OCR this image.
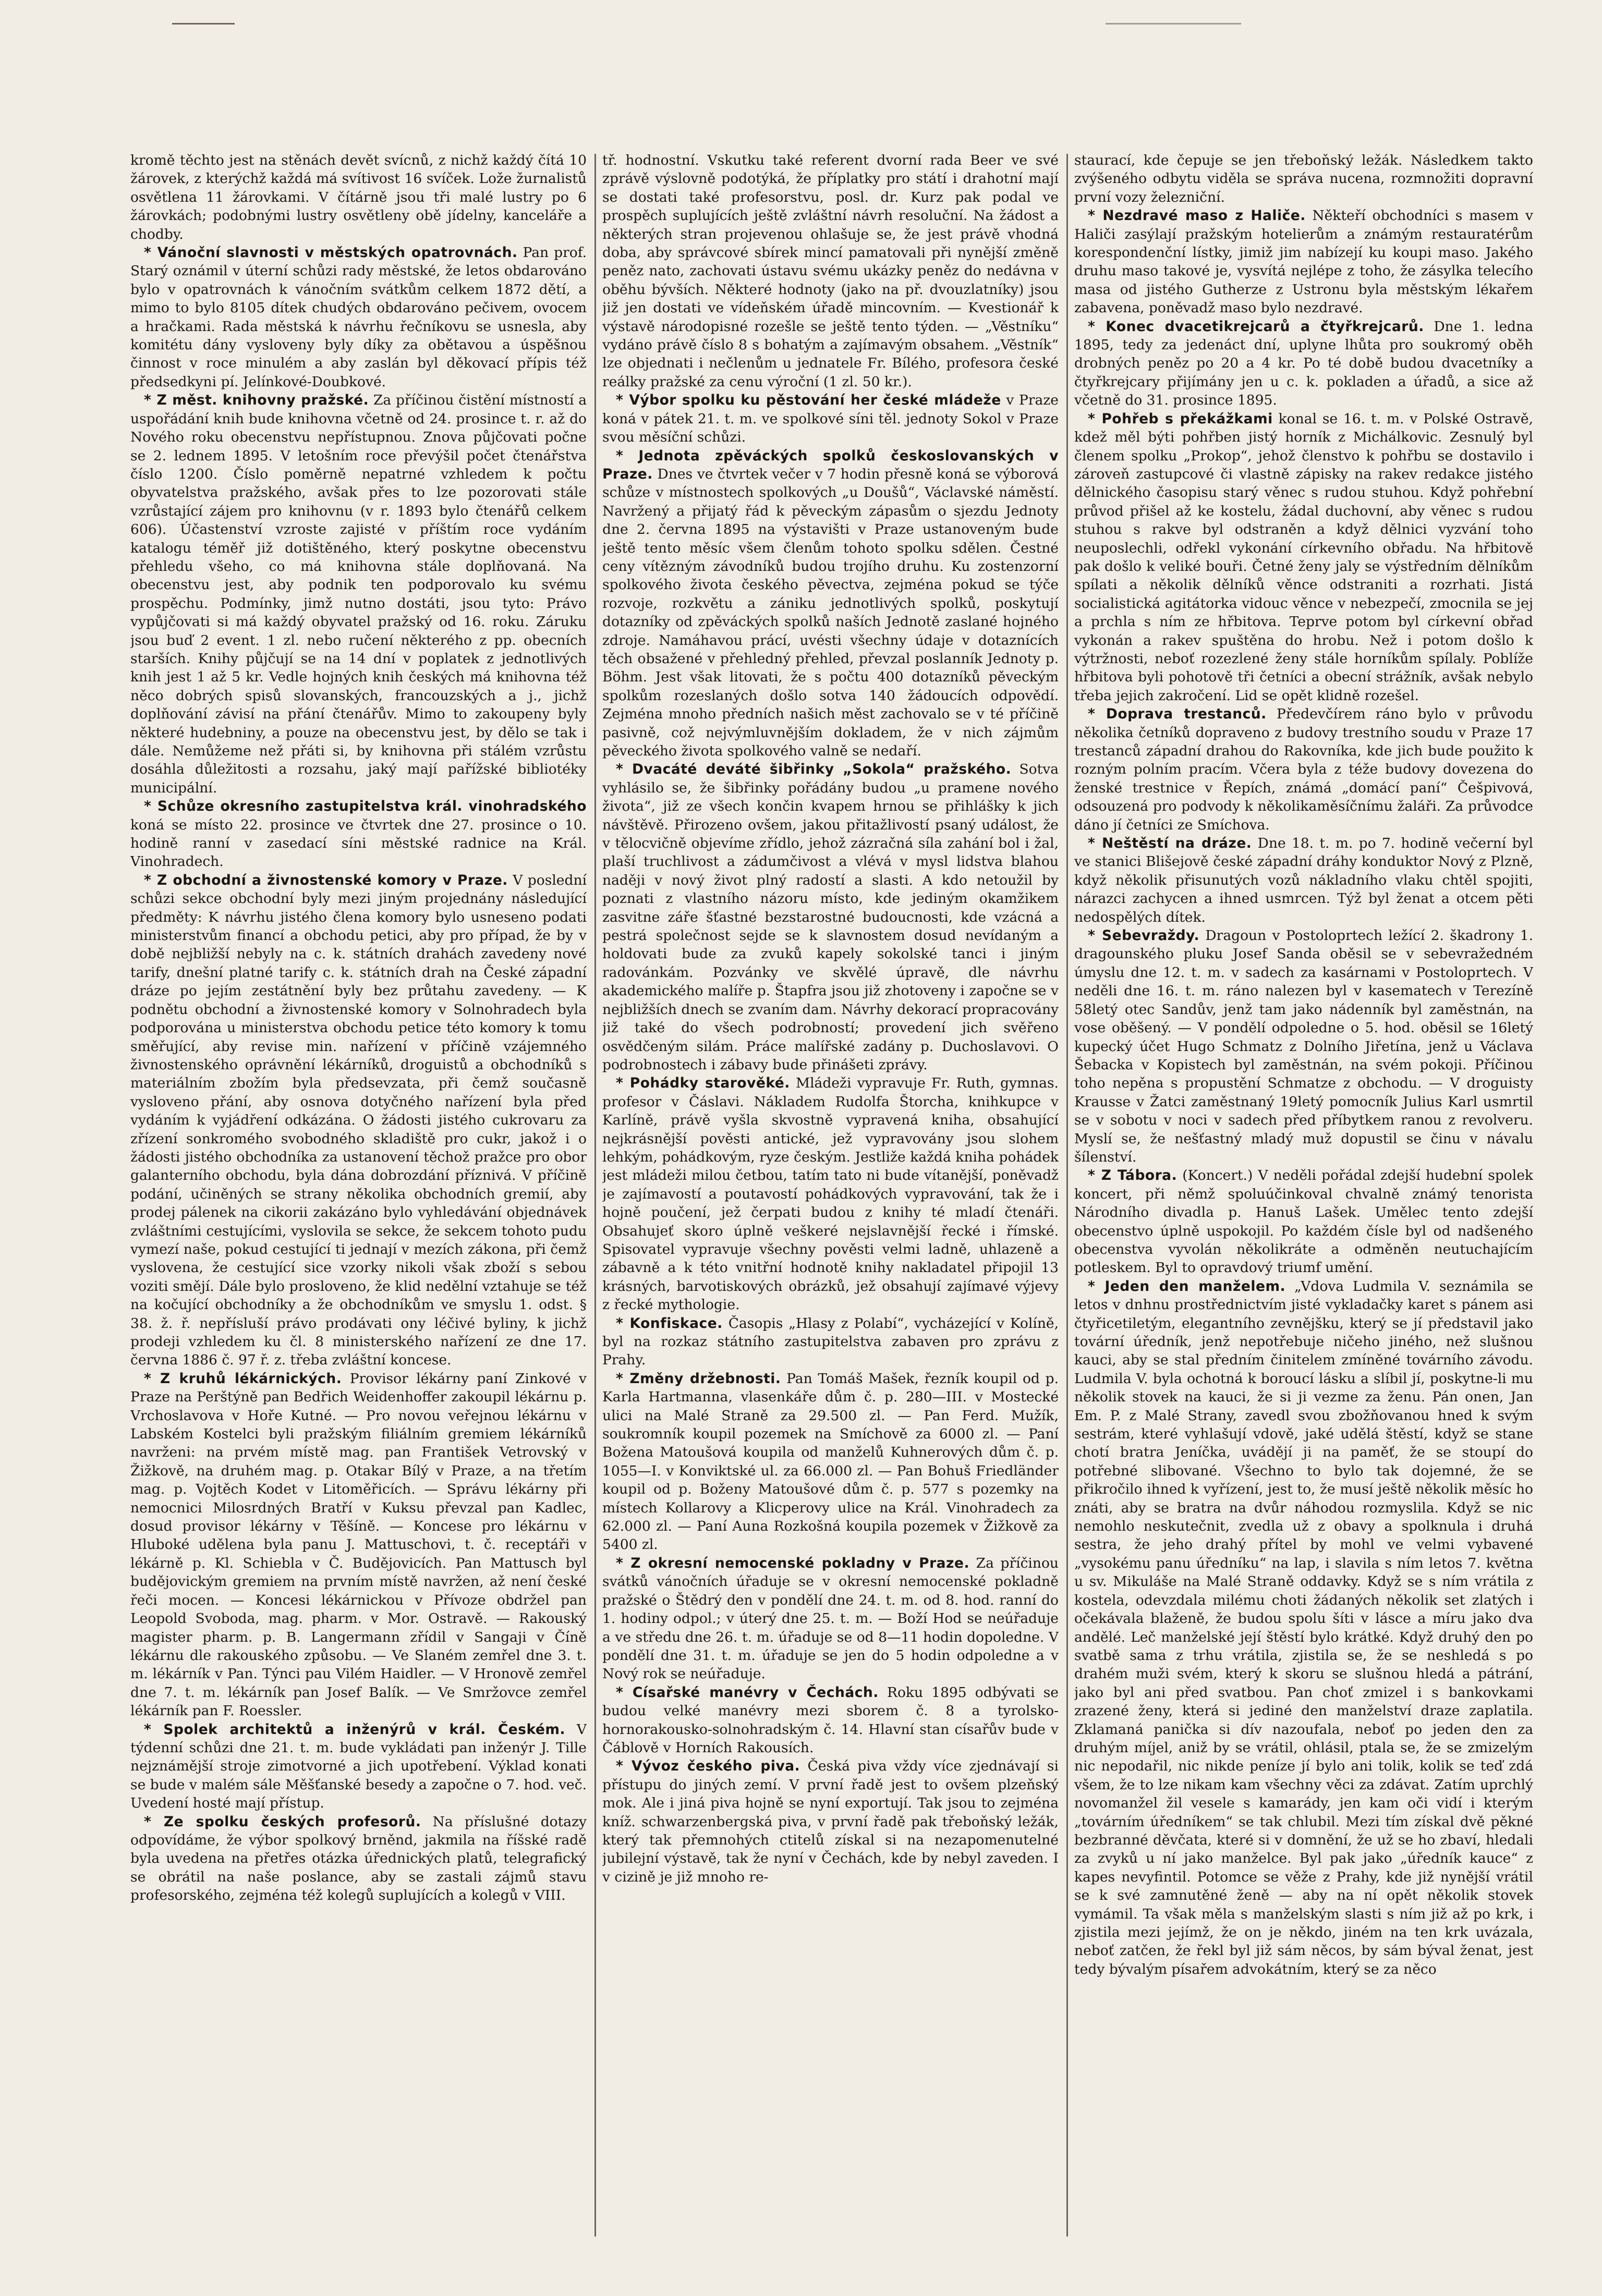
kromě těchto jest na stěnách devět svícnů, z nichž každý čítá 10 žárovek, z kterýchž každá má svítivost 16 svíček. Lože žurnalistů osvětlena 11 žárovkami. V čítárně jsou tři malé lustry po 6 žárovkách; podobnými lustry osvětleny obě jídelny, kanceláře a chodby.

* Vánoční slavnosti v městských opatrovnách. Pan prof. Starý oznámil v úterní schůzi rady městské, že letos obdarováno bylo v opatrovnách k vánočním svátkům celkem 1872 dětí, a mimo to bylo 8105 dítek chudých obdarováno pečivem, ovocem a hračkami. Rada městská k návrhu řečníkovu se usnesla, aby komitétu dány vysloveny byly díky za obětavou a úspěšnou činnost v roce minulém a aby zaslán byl děkovací přípis též předsedkyni pí. Jelínkové-Doubkové.

* Z měst. knihovny pražské. Za příčinou čistění místností a uspořádání knih bude knihovna včetně od 24. prosince t. r. až do Nového roku obecenstvu nepřístupnou. Znova půjčovati počne se 2. lednem 1895. V letošním roce převýšil počet čtenářstva číslo 1200. Číslo poměrně nepatrné vzhledem k počtu obyvatelstva pražského, avšak přes to lze pozorovati stále vzrůstající zájem pro knihovnu (v r. 1893 bylo čtenářů celkem 606). Účastenství vzroste zajisté v příštím roce vydáním katalogu téměř již dotištěného, který poskytne obecenstvu přehledu všeho, co má knihovna stále doplňovaná. Na obecenstvu jest, aby podnik ten podporovalo ku svému prospěchu. Podmínky, jimž nutno dostáti, jsou tyto: Právo vypůjčovati si má každý obyvatel pražský od 16. roku. Záruku jsou buď 2 event. 1 zl. nebo ručení některého z pp. obecních starších. Knihy půjčují se na 14 dní v poplatek z jednotlivých knih jest 1 až 5 kr. Vedle hojných knih českých má knihovna též něco dobrých spisů slovanských, francouzských a j., jichž doplňování závisí na přání čtenářův. Mimo to zakoupeny byly některé hudebniny, a pouze na obecenstvu jest, by dělo se tak i dále. Nemůžeme než přáti si, by knihovna při stálém vzrůstu dosáhla důležitosti a rozsahu, jaký mají pařížské bibliotéky municipální.

* Schůze okresního zastupitelstva král. vinohradského koná se místo 22. prosince ve čtvrtek dne 27. prosince o 10. hodině ranní v zasedací síni městské radnice na Král. Vinohradech.

* Z obchodní a živnostenské komory v Praze. V poslední schůzi sekce obchodní byly mezi jiným projednány následující předměty: K návrhu jistého člena komory bylo usneseno podati ministerstvům financí a obchodu petici, aby pro případ, že by v době nejbližší nebyly na c. k. státních drahách zavedeny nové tarify, dnešní platné tarify c. k. státních drah na České západní dráze po jejím zestátnění byly bez průtahu zavedeny. — K podnětu obchodní a živnostenské komory v Solnohradech byla podporována u ministerstva obchodu petice této komory k tomu směřující, aby revise min. nařízení v příčině vzájemného živnostenského oprávnění lékárníků, droguistů a obchodníků s materiálním zbožím byla předsevzata, při čemž současně vysloveno přání, aby osnova dotyčného nařízení byla před vydáním k vyjádření odkázána. O žádosti jistého cukrovaru za zřízení sonkromého svobodného skladiště pro cukr, jakož i o žádosti jistého obchodníka za ustanovení těchož pražce pro obor galanterního obchodu, byla dána dobrozdání příznivá. V příčině podání, učiněných se strany několika obchodních gremií, aby prodej pálenek na cikorii zakázáno bylo vyhledávání objednávek zvláštními cestujícími, vyslovila se sekce, že sekcem tohoto pudu vymezí naše, pokud cestující ti jednají v mezích zákona, při čemž vyslovena, že cestující sice vzorky nikoli však zboží s sebou voziti smějí. Dále bylo prosloveno, že klid nedělní vztahuje se též na kočující obchodníky a že obchodníkům ve smyslu 1. odst. § 38. ž. ř. nepřísluší právo prodávati ony léčivé byliny, k jichž prodeji vzhledem ku čl. 8 ministerského nařízení ze dne 17. června 1886 č. 97 ř. z. třeba zvláštní koncese.

* Z kruhů lékárnických. Provisor lékárny paní Zinkové v Praze na Perštýně pan Bedřich Weidenhoffer zakoupil lékárnu p. Vrchoslavova v Hoře Kutné. — Pro novou veřejnou lékárnu v Labském Kostelci byli pražským filiálním gremiem lékárníků navrženi: na prvém místě mag. pan František Vetrovský v Žižkově, na druhém mag. p. Otakar Bílý v Praze, a na třetím mag. p. Vojtěch Kodet v Litoměřicích. — Správu lékárny při nemocnici Milosrdných Bratří v Kuksu převzal pan Kadlec, dosud provisor lékárny v Těšíně. — Koncese pro lékárnu v Hluboké udělena byla panu J. Mattuschovi, t. č. receptáři v lékárně p. Kl. Schiebla v Č. Budějovicích. Pan Mattusch byl budějovickým gremiem na prvním místě navržen, až není české řeči mocen. — Koncesi lékárnickou v Přívoze obdržel pan Leopold Svoboda, mag. pharm. v Mor. Ostravě. — Rakouský magister pharm. p. B. Langermann zřídil v Sangaji v Číně lékárnu dle rakouského způsobu. — Ve Slaném zemřel dne 3. t. m. lékárník v Pan. Týnci pau Vilém Haidler. — V Hronově zemřel dne 7. t. m. lékárník pan Josef Balík. — Ve Smržovce zemřel lékárník pan F. Roessler.

* Spolek architektů a inženýrů v král. Českém. V týdenní schůzi dne 21. t. m. bude vykládati pan inženýr J. Tille nejznámější stroje zimotvorné a jich upotřebení. Výklad konati se bude v malém sále Měšťanské besedy a započne o 7. hod. več. Uvedení hosté mají přístup.

* Ze spolku českých profesorů. Na příslušné dotazy odpovídáme, že výbor spolkový brněnd, jakmila na říšské radě byla uvedena na přetřes otázka úřednických platů, telegrafický se obrátil na naše poslance, aby se zastali zájmů stavu profesorského, zejména též kolegů suplujících a kolegů v VIII.

tř. hodnostní. Vskutku také referent dvorní rada Beer ve své zprávě výslovně podotýká, že příplatky pro státí i drahotní mají se dostati také profesorstvu, posl. dr. Kurz pak podal ve prospěch suplujících ještě zvláštní návrh resoluční. Na žádost a některých stran projevenou ohlašuje se, že jest právě vhodná doba, aby správcové sbírek mincí pamatovali při nynější změně peněz nato, zachovati ústavu svému ukázky peněz do nedávna v oběhu bývších. Některé hodnoty (jako na př. dvouzlatníky) jsou již jen dostati ve vídeňském úřadě mincovním. — Kvestionář k výstavě národopisné rozešle se ještě tento týden. — „Věstníku“ vydáno právě číslo 8 s bohatým a zajímavým obsahem. „Věstník“ lze objednati i nečlenům u jednatele Fr. Bílého, profesora české reálky pražské za cenu výroční (1 zl. 50 kr.).

* Výbor spolku ku pěstování her české mládeže v Praze koná v pátek 21. t. m. ve spolkové síni těl. jednoty Sokol v Praze svou měsíční schůzi.

* Jednota zpěváckých spolků českoslovanských v Praze. Dnes ve čtvrtek večer v 7 hodin přesně koná se výborová schůze v místnostech spolkových „u Doušů“, Václavské náměstí. Navržený a přijatý řád k pěveckým zápasům o sjezdu Jednoty dne 2. června 1895 na výstavišti v Praze ustanoveným bude ještě tento měsíc všem členům tohoto spolku sdělen. Čestné ceny vítězným závodníků budou trojího druhu. Ku zostenzorní spolkového života českého pěvectva, zejména pokud se týče rozvoje, rozkvětu a zániku jednotlivých spolků, poskytují dotazníky od zpěváckých spolků naších Jednotě zaslané hojného zdroje. Namáhavou prácí, uvésti všechny údaje v dotaznících těch obsažené v přehledný přehled, převzal poslanník Jednoty p. Böhm. Jest však litovati, že s počtu 400 dotazníků pěveckým spolkům rozeslaných došlo sotva 140 žádoucích odpovědí. Zejména mnoho předních našich měst zachovalo se v té příčině pasivně, což nejvýmluvnějším dokladem, že v nich zájmům pěveckého života spolkového valně se nedaří.

* Dvacáté deváté šibřinky „Sokola“ pražského. Sotva vyhlásilo se, že šibřinky pořádány budou „u pramene nového života“, již ze všech končin kvapem hrnou se přihlášky k jich návštěvě. Přirozeno ovšem, jakou přitažlivostí psaný událost, že v tělocvičně objevíme zřídlo, jehož zázračná síla zahání bol i žal, plaší truchlivost a zádumčivost a vlévá v mysl lidstva blahou naději v nový život plný radostí a slasti. A kdo netoužil by poznati z vlastního názoru místo, kde jediným okamžikem zasvitne záře šťastné bezstarostné budoucnosti, kde vzácná a pestrá společnost sejde se k slavnostem dosud nevídaným a holdovati bude za zvuků kapely sokolské tanci i jiným radovánkám. Pozvánky ve skvělé úpravě, dle návrhu akademického malíře p. Štapfra jsou již zhotoveny i započne se v nejbližších dnech se zvaním dam. Návrhy dekorací propracovány již také do všech podrobností; provedení jich svěřeno osvědčeným silám. Práce malířské zadány p. Duchoslavovi. O podrobnostech i zábavy bude přinášeti zprávy.

* Pohádky starověké. Mládeži vypravuje Fr. Ruth, gymnas. profesor v Čáslavi. Nákladem Rudolfa Štorcha, knihkupce v Karlíně, právě vyšla skvostně vypravená kniha, obsahující nejkrásnější pověsti antické, jež vypravovány jsou slohem lehkým, pohádkovým, ryze českým. Jestliže každá kniha pohádek jest mládeži milou četbou, tatím tato ni bude vítanější, poněvadž je zajímavostí a poutavostí pohádkových vypravování, tak že i hojně poučení, jež čerpati budou z knihy té mladí čtenáři. Obsahujeť skoro úplně veškeré nejslavnější řecké i římské. Spisovatel vypravuje všechny pověsti velmi ladně, uhlazeně a zábavně a k této vnitřní hodnotě knihy nakladatel připojil 13 krásných, barvotiskových obrázků, jež obsahují zajímavé výjevy z řecké mythologie.

* Konfiskace. Časopis „Hlasy z Polabí“, vycházející v Kolíně, byl na rozkaz státního zastupitelstva zabaven pro zprávu z Prahy.

* Změny držebnosti. Pan Tomáš Mašek, řezník koupil od p. Karla Hartmanna, vlasenkáře dům č. p. 280—III. v Mostecké ulici na Malé Straně za 29.500 zl. — Pan Ferd. Mužík, soukromník koupil pozemek na Smíchově za 6000 zl. — Paní Božena Matoušová koupila od manželů Kuhnerových dům č. p. 1055—I. v Konviktské ul. za 66.000 zl. — Pan Bohuš Friedländer koupil od p. Boženy Matoušové dům č. p. 577 s pozemky na místech Kollarovy a Klicperovy ulice na Král. Vinohradech za 62.000 zl. — Paní Auna Rozkošná koupila pozemek v Žižkově za 5400 zl.

* Z okresní nemocenské pokladny v Praze. Za příčinou svátků vánočních úřaduje se v okresní nemocenské pokladně pražské o Štědrý den v pondělí dne 24. t. m. od 8. hod. ranní do 1. hodiny odpol.; v úterý dne 25. t. m. — Boží Hod se neúřaduje a ve středu dne 26. t. m. úřaduje se od 8—11 hodin dopoledne. V pondělí dne 31. t. m. úřaduje se jen do 5 hodin odpoledne a v Nový rok se neúřaduje.

* Císařské manévry v Čechách. Roku 1895 odbývati se budou velké manévry mezi sborem č. 8 a tyrolsko-hornorakousko-solnohradským č. 14. Hlavní stan císařův bude v Čáblově v Horních Rakousích.

* Vývoz českého piva. Česká piva vždy více zjednávají si přístupu do jiných zemí. V první řadě jest to ovšem plzeňský mok. Ale i jiná piva hojně se nyní exportují. Tak jsou to zejména kníž. schwarzenbergská piva, v první řadě pak třeboňský ležák, který tak přemnohých ctitelů získal si na nezapomenutelné jubilejní výstavě, tak že nyní v Čechách, kde by nebyl zaveden. I v cizině je již mnoho re-

staurací, kde čepuje se jen třeboňský ležák. Následkem takto zvýšeného odbytu viděla se správa nucena, rozmnožiti dopravní první vozy železniční.

* Nezdravé maso z Haliče. Někteří obchodníci s masem v Haliči zasýlají pražským hotelierům a známým restauratérům korespondenční lístky, jimiž jim nabízejí ku koupi maso. Jakého druhu maso takové je, vysvítá nejlépe z toho, že zásylka telecího masa od jistého Gutherze z Ustronu byla městským lékařem zabavena, poněvadž maso bylo nezdravé.

* Konec dvacetikrejcarů a čtyřkrejcarů. Dne 1. ledna 1895, tedy za jedenáct dní, uplyne lhůta pro soukromý oběh drobných peněz po 20 a 4 kr. Po té době budou dvacetníky a čtyřkrejcary přijímány jen u c. k. pokladen a úřadů, a sice až včetně do 31. prosince 1895.

* Pohřeb s překážkami konal se 16. t. m. v Polské Ostravě, kdež měl býti pohřben jistý horník z Michálkovic. Zesnulý byl členem spolku „Prokop“, jehož členstvo k pohřbu se dostavilo i zároveň zastupcové či vlastně zápisky na rakev redakce jistého dělnického časopisu starý věnec s rudou stuhou. Když pohřební průvod přišel až ke kostelu, žádal duchovní, aby věnec s rudou stuhou s rakve byl odstraněn a když dělnici vyzvání toho neuposlechli, odřekl vykonání církevního obřadu. Na hřbitově pak došlo k veliké bouři. Četné ženy jaly se výstředním dělníkům spílati a několik dělníků věnce odstraniti a rozrhati. Jistá socialistická agitátorka vidouc věnce v nebezpečí, zmocnila se jej a prchla s ním ze hřbitova. Teprve potom byl církevní obřad vykonán a rakev spuštěna do hrobu. Než i potom došlo k výtržnosti, neboť rozezlené ženy stále horníkům spílaly. Poblíže hřbitova byli pohotově tři četníci a obecní strážník, avšak nebylo třeba jejich zakročení. Lid se opět klidně rozešel.

* Doprava trestanců. Předevčírem ráno bylo v průvodu několika četníků dopraveno z budovy trestního soudu v Praze 17 trestanců západní drahou do Rakovníka, kde jich bude použito k rozným polním pracím. Včera byla z téže budovy dovezena do ženské trestnice v Řepích, známá „domácí paní“ Češpivová, odsouzená pro podvody k několikaměsíčnímu žaláři. Za průvodce dáno jí četníci ze Smíchova.

* Neštěstí na dráze. Dne 18. t. m. po 7. hodině večerní byl ve stanici Blišejově české západní dráhy konduktor Nový z Plzně, když několik přisunutých vozů nákladního vlaku chtěl spojiti, nárazci zachycen a ihned usmrcen. Týž byl ženat a otcem pěti nedospělých dítek.

* Sebevraždy. Dragoun v Postoloprtech ležící 2. škadrony 1. dragounského pluku Josef Sanda oběsil se v sebevražedném úmyslu dne 12. t. m. v sadech za kasárnami v Postoloprtech. V neděli dne 16. t. m. ráno nalezen byl v kasematech v Terezíně 58letý otec Sandův, jenž tam jako nádenník byl zaměstnán, na vose oběšený. — V pondělí odpoledne o 5. hod. oběsil se 16letý kupecký účet Hugo Schmatz z Dolního Jiřetína, jenž u Václava Šebacka v Kopistech byl zaměstnán, na svém pokoji. Příčinou toho nepěna s propustění Schmatze z obchodu. — V droguisty Krausse v Žatci zaměstnaný 19letý pomocník Julius Karl usmrtil se v sobotu v noci v sadech před příbytkem ranou z revolveru. Myslí se, že nešťastný mladý muž dopustil se činu v návalu šílenství.

* Z Tábora. (Koncert.) V neděli pořádal zdejší hudební spolek koncert, při němž spoluúčinkoval chvalně známý tenorista Národního divadla p. Hanuš Lašek. Umělec tento zdejší obecenstvo úplně uspokojil. Po každém čísle byl od nadšeného obecenstva vyvolán několikráte a odměněn neutuchajícím potleskem. Byl to opravdový triumf umění.

* Jeden den manželem. „Vdova Ludmila V. seznámila se letos v dnhnu prostřednictvím jisté vykladačky karet s pánem asi čtyřicetiletým, elegantního zevnějšku, který se jí představil jako tovární úředník, jenž nepotřebuje ničeho jiného, než slušnou kauci, aby se stal předním činitelem zmíněné továrního závodu. Ludmila V. byla ochotná k boroucí lásku a slíbil jí, poskytne-li mu několik stovek na kauci, že si ji vezme za ženu. Pán onen, Jan Em. P. z Malé Strany, zavedl svou zbožňovanou hned k svým sestrám, které vyhlašují vdově, jaké udělá štěstí, když se stane chotí bratra Jeníčka, uvádějí ji na paměť, že se stoupí do potřebné slibované. Všechno to bylo tak dojemné, že se přikročilo ihned k vyřízení, jest to, že musí ještě několik měsíc ho znáti, aby se bratra na dvůr náhodou rozmyslila. Když se nic nemohlo neskutečnit, zvedla už z obavy a spolknula i druhá sestra, že jeho drahý přítel by mohl ve velmi vybavené „vysokému panu úředníku“ na lap, i slavila s ním letos 7. května u sv. Mikuláše na Malé Straně oddavky. Když se s ním vrátila z kostela, odevzdala milému choti žádaných několik set zlatých i očekávala blaženě, že budou spolu šíti v lásce a míru jako dva andělé. Leč manželské její štěstí bylo krátké. Když druhý den po svatbě sama z trhu vrátila, zjistila se, že se neshledá s po drahém muži svém, který k skoru se slušnou hledá a pátrání, jako byl ani před svatbou. Pan choť zmizel i s bankovkami zrazené ženy, která si jediné den manželství draze zaplatila. Zklamaná panička si dív nazoufala, neboť po jeden den za druhým míjel, aniž by se vrátil, ohlásil, ptala se, že se zmizelým nic nepodařil, nic nikde peníze jí bylo ani tolik, kolik se teď zdá všem, že to lze nikam kam všechny věci za zdávat. Zatím uprchlý novomanžel žil vesele s kamarády, jen kam oči vidí i kterým „továrním úředníkem“ se tak chlubil. Mezi tím získal dvě pěkné bezbranné děvčata, které si v domnění, že už se ho zbaví, hledali za zvyků u ní jako manželce. Byl pak jako „úředník kauce“ z kapes nevyfintil. Potomce se věže z Prahy, kde již nynější vrátil se k své zamnutěné ženě — aby na ní opět několik stovek vymámil. Ta však měla s manželským slasti s ním již až po krk, i zjistila mezi jejímž, že on je někdo, jiném na ten krk uvázala, neboť zatčen, že řekl byl již sám něcos, by sám býval ženat, jest tedy bývalým písařem advokátním, který se za něco
